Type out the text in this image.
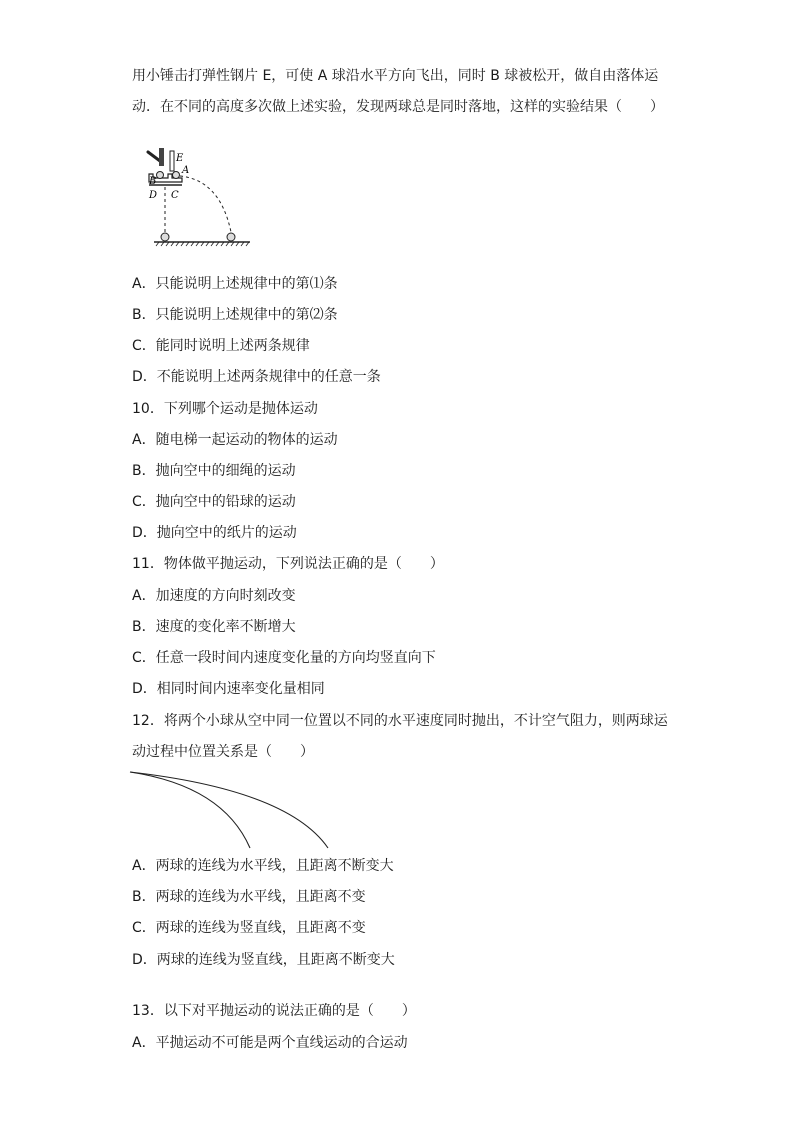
用小锤击打弹性钢片 E，可使 A 球沿水平方向飞出，同时 B 球被松开，做自由落体运
动．在不同的高度多次做上述实验，发现两球总是同时落地，这样的实验结果（　　）
E
B
A
D C
A．只能说明上述规律中的第⑴条
B．只能说明上述规律中的第⑵条
C．能同时说明上述两条规律
D．不能说明上述两条规律中的任意一条
10．下列哪个运动是抛体运动
A．随电梯一起运动的物体的运动
B．抛向空中的细绳的运动
C．抛向空中的铅球的运动
D．抛向空中的纸片的运动
11．物体做平抛运动，下列说法正确的是（　　）
A．加速度的方向时刻改变
B．速度的变化率不断增大
C．任意一段时间内速度变化量的方向均竖直向下
D．相同时间内速率变化量相同
12．将两个小球从空中同一位置以不同的水平速度同时抛出，不计空气阻力，则两球运
动过程中位置关系是（　　）
A．两球的连线为水平线，且距离不断变大
B．两球的连线为水平线，且距离不变
C．两球的连线为竖直线，且距离不变
D．两球的连线为竖直线，且距离不断变大
13．以下对平抛运动的说法正确的是（　　）
A．平抛运动不可能是两个直线运动的合运动
